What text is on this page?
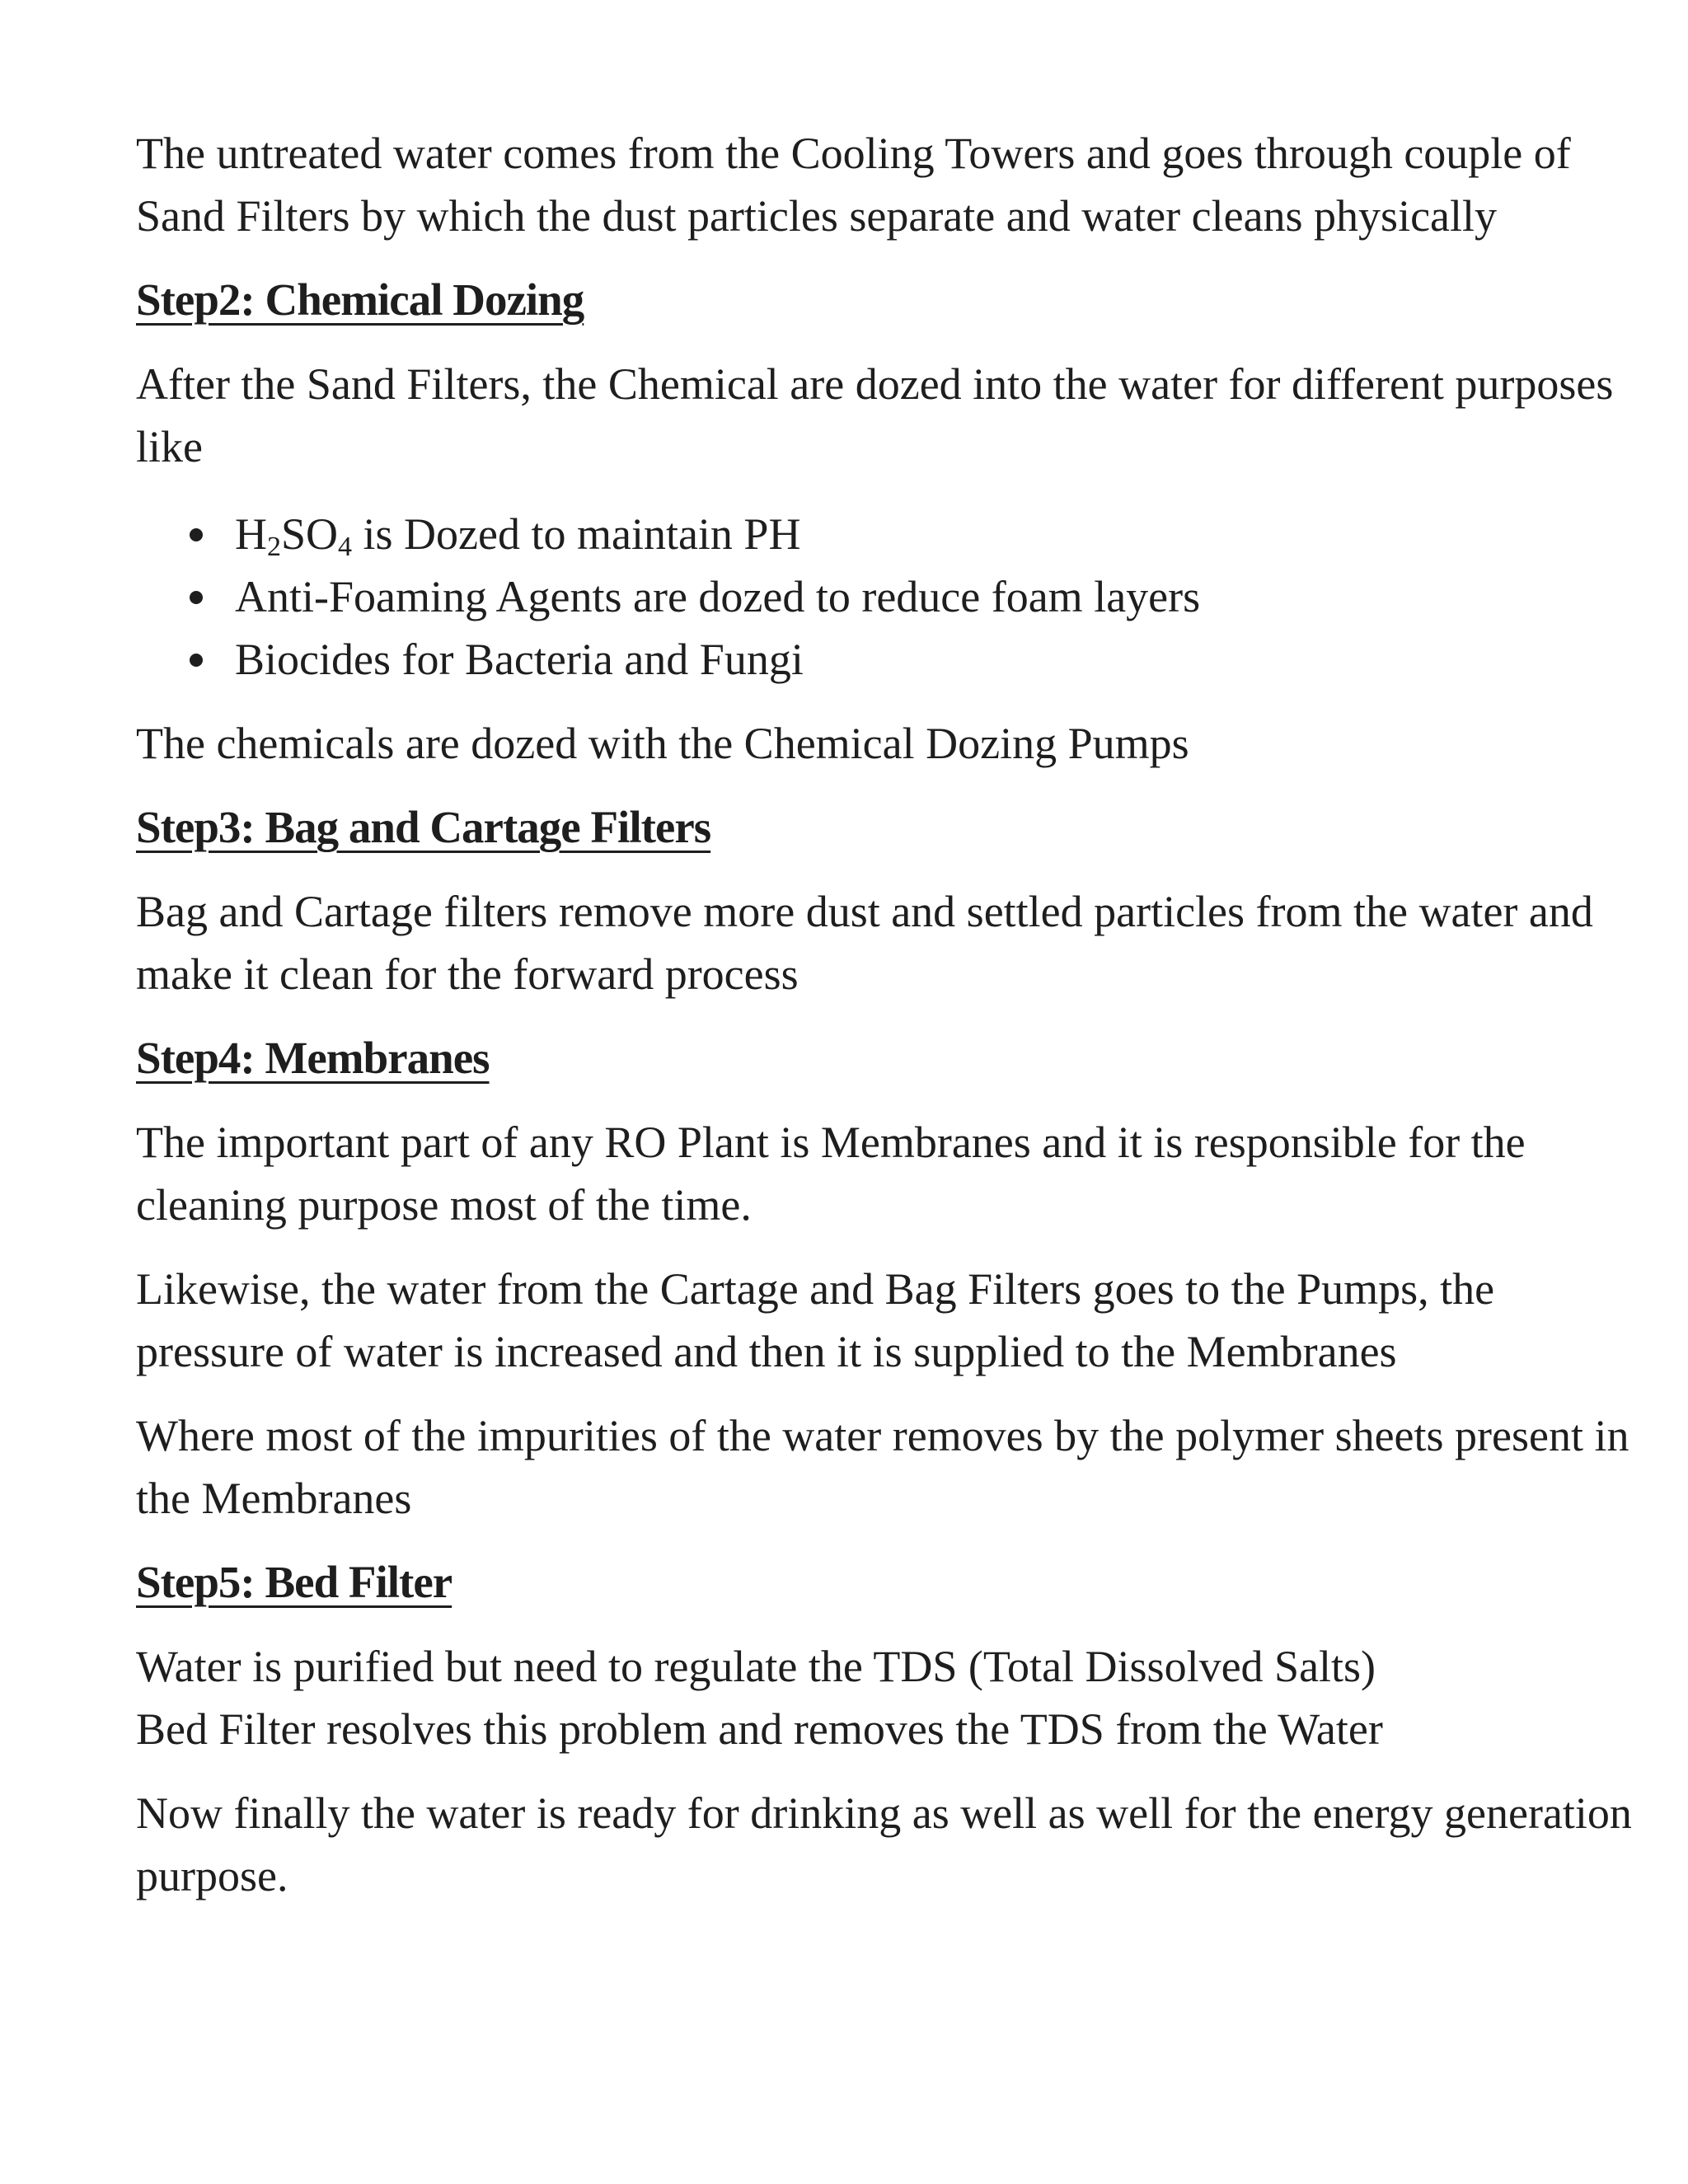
The untreated water comes from the Cooling Towers and goes through couple of Sand Filters by which the dust particles separate and water cleans physically

Step2: Chemical Dozing

After the Sand Filters, the Chemical are dozed into the water for different purposes like

$H_2SO_4$ is Dozed to maintain PH
Anti-Foaming Agents are dozed to reduce foam layers
Biocides for Bacteria and Fungi

The chemicals are dozed with the Chemical Dozing Pumps

Step3: Bag and Cartage Filters

Bag and Cartage filters remove more dust and settled particles from the water and make it clean for the forward process

Step4: Membranes

The important part of any RO Plant is Membranes and it is responsible for the cleaning purpose most of the time.

Likewise, the water from the Cartage and Bag Filters goes to the Pumps, the pressure of water is increased and then it is supplied to the Membranes

Where most of the impurities of the water removes by the polymer sheets present in the Membranes

Step5: Bed Filter

Water is purified but need to regulate the TDS (Total Dissolved Salts)
Bed Filter resolves this problem and removes the TDS from the Water

Now finally the water is ready for drinking as well as well for the energy generation purpose.
